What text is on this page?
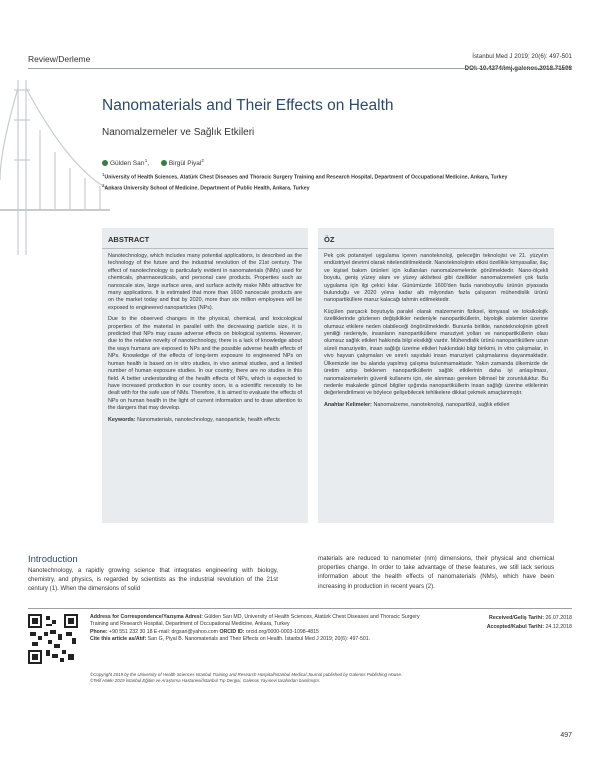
Review/Derleme	İstanbul Med J 2019; 20(6): 497-501
DOI: 10.4274/imj.galenos.2018.71598
Nanomaterials and Their Effects on Health
Nanomalzemeler ve Sağlık Etkileri
Gülden Sarı$^1$,	Birgül Piyal$^2$
1University of Health Sciences, Atatürk Chest Diseases and Thoracic Surgery Training and Research Hospital, Department of Occupational Medicine, Ankara, Turkey
2Ankara University School of Medicine, Department of Public Health, Ankara, Turkey
ABSTRACT

Nanotechnology, which includes many potential applications, is described as the technology of the future and the industrial revolution of the 21st century. The effect of nanotechnology is particularly evident in nanomaterials (NMs) used for chemicals, pharmaceuticals, and personal care products. Properties such as nanoscale size, large surface area, and surface activity make NMs attractive for many applications. It is estimated that more than 1600 nanoscale products are on the market today and that by 2020, more than six million employees will be exposed to engineered nanoparticles (NPs).

Due to the observed changes in the physical, chemical, and toxicological properties of the material in parallel with the decreasing particle size, it is predicted that NPs may cause adverse effects on biological systems. However, due to the relative novelty of nanotechnology, there is a lack of knowledge about the ways humans are exposed to NPs and the possible adverse health effects of NPs. Knowledge of the effects of long-term exposure to engineered NPs on human health is based on in vitro studies, in vivo animal studies, and a limited number of human exposure studies. In our country, there are no studies in this field. A better understanding of the health effects of NPs, which is expected to have increased production in our country soon, is a scientific necessity to be dealt with for the safe use of NMs. Therefore, it is aimed to evaluate the effects of NPs on human health in the light of current information and to draw attention to the dangers that may develop.

Keywords: Nanomaterials, nanotechnology, nanoparticle, health effects
ÖZ

Pek çok potansiyel uygulama içeren nanoteknoloji, geleceğin teknolojisi ve 21. yüzyılın endüstriyel devrimi olarak nitelendirilmektedir. Nanoteknolojinin etkisi özellikle kimyasallar, ilaç ve kişisel bakım ürünleri için kullanılan nanomalzemelerde görülmektedir. Nano-ölçekli boyutu, geniş yüzey alanı ve yüzey aktivitesi gibi özellikler nanomalzemeleri çok fazla uygulama için ilgi çekici kılar. Günümüzde 1600'den fazla nanoboyutlu ürünün piyasada bulunduğu ve 2020 yılına kadar altı milyondan fazla çalışanın mühendislik ürünü nanopartiküllere maruz kalacağı tahmin edilmektedir.

Küçülen parçacık boyutuyla paralel olarak malzemenin fiziksel, kimyasal ve toksikolojik özelliklerinde gözlenen değişiklikler nedeniyle nanopartiküllerin, biyolojik sistemler üzerine olumsuz etkilere neden olabileceği öngörülmektedir. Bununla birlikte, nanoteknolojinin göreli yeniliği nedeniyle, insanların nanopartiküllere maruziyet yolları ve nanopartiküllerin olası olumsuz sağlık etkileri hakkında bilgi eksikliği vardır. Mühendislik ürünü nanopartiküllere uzun süreli maruziyetin, insan sağlığı üzerine etkileri hakkındaki bilgi birikimi, in vitro çalışmalar, in vivo hayvan çalışmaları ve sınırlı sayıdaki insan maruziyet çalışmalarına dayanmaktadır. Ülkemizde ise bu alanda yapılmış çalışma bulunmamaktadır. Yakın zamanda ülkemizde de üretim artışı beklenen nanopartiküllerin sağlık etkilerinin daha iyi anlaşılması, nanomalzemelerin güvenli kullanımı için, ele alınması gereken bilimsel bir zorunluluktur. Bu nedenle makalede güncel bilgiler ışığında nanopartiküllerin insan sağlığı üzerine etkilerinin değerlendirilmesi ve böylece gelişebilecek tehlikelere dikkat çekmek amaçlanmıştır.

Anahtar Kelimeler: Nanomalzeme, nanoteknoloji, nanopartikül, sağlık etkileri
Introduction
Nanotechnology, a rapidly growing science that integrates engineering with biology, chemistry, and physics, is regarded by scientists as the industrial revolution of the 21st century (1). When the dimensions of solid
materials are reduced to nanometer (nm) dimensions, their physical and chemical properties change. In order to take advantage of these features, we still lack serious information about the health effects of nanomaterials (NMs), which have been increasing in production in recent years (2).
Address for Correspondence/Yazışma Adresi: Gülden Sarı MD, University of Health Sciences, Atatürk Chest Diseases and Thoracic Surgery Training and Research Hospital, Department of Occupational Medicine, Ankara, Turkey
Phone: +90 551 232 30 18 E-mail: drgsari@yahoo.com ORCID ID: orcid.org/0000-0003-1098-4815
Cite this article as/Atıf: Sarı G, Piyal B. Nanomaterials and Their Effects on Health. İstanbul Med J 2019; 20(6): 497-501.
Received/Geliş Tarihi: 26.07.2018
Accepted/Kabul Tarihi: 24.12.2018
©Copyright 2019 by the University of Health Sciences Istanbul Training and Research Hospital/Istanbul Medical Journal published by Galenos Publishing House.
©Telif Hakkı 2019 İstanbul Eğitim ve Araştırma Hastanesi/İstanbul Tıp Dergisi, Galenos Yayınevi tarafından basılmıştır.
497
